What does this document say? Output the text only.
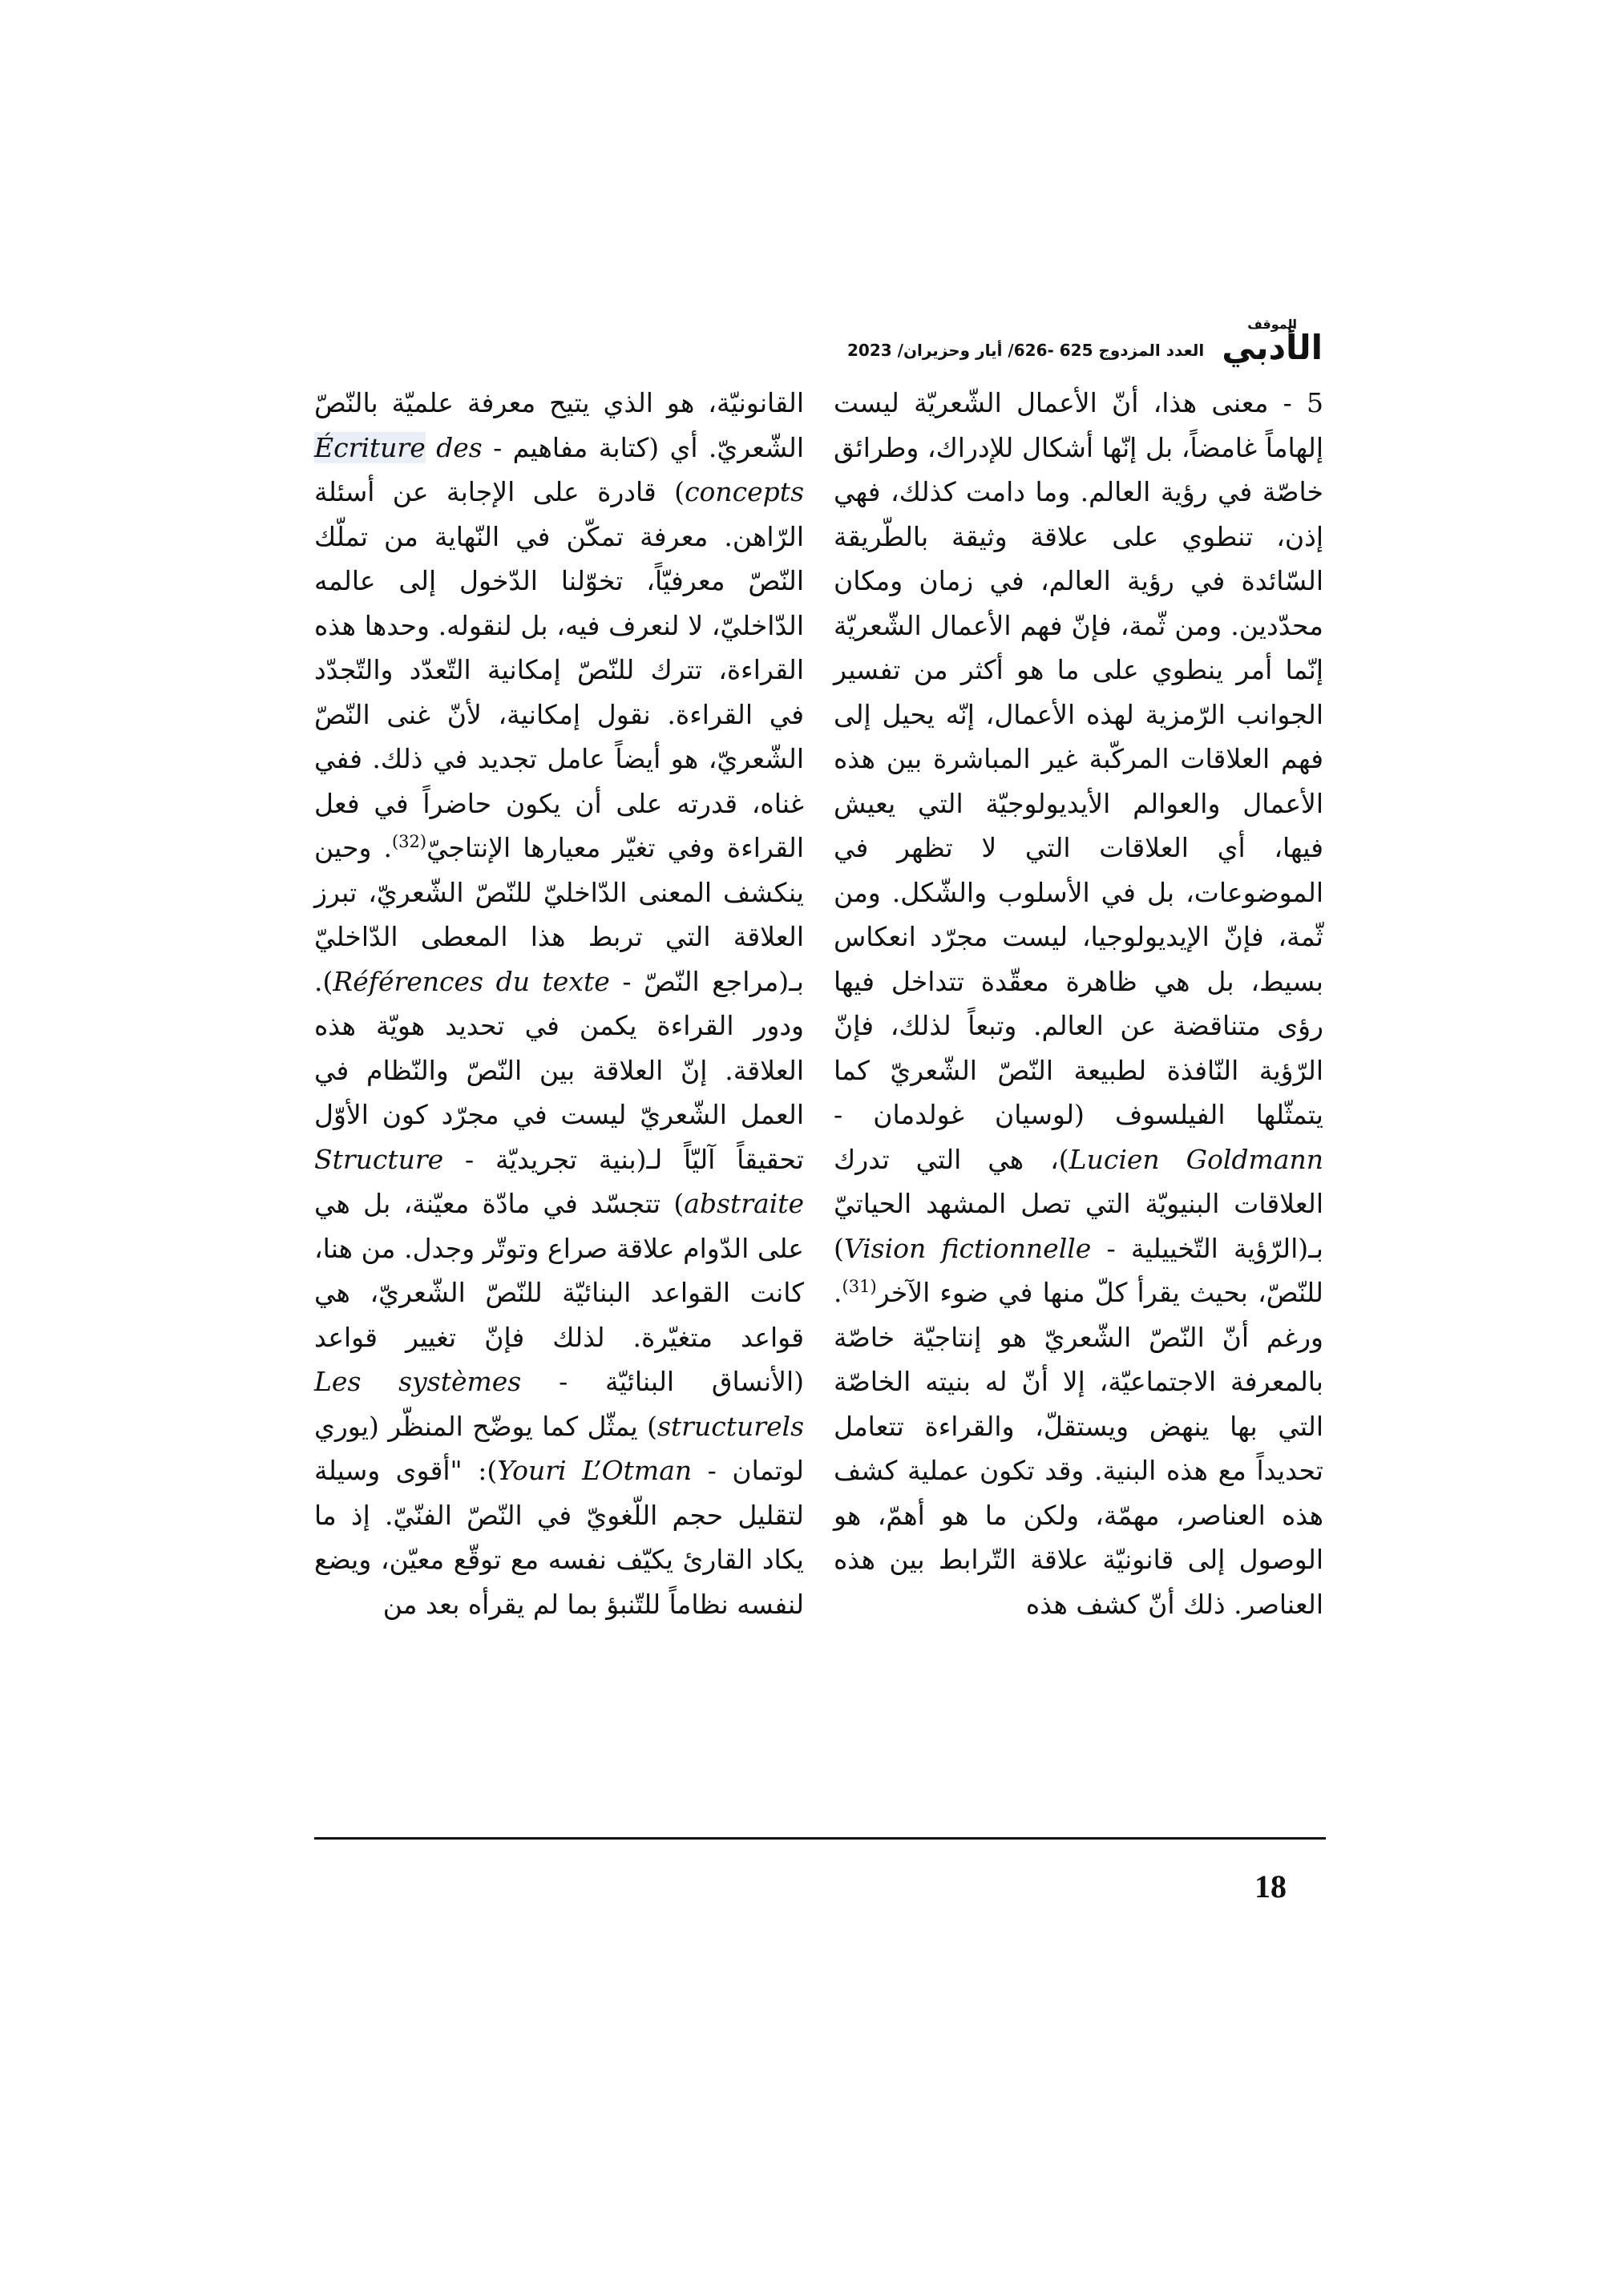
الموقف
الأدبي
العدد المزدوج 625 -626/ أيار وحزيران/ 2023

5 - معنى هذا، أنّ الأعمال الشّعريّة ليست إلهاماً غامضاً، بل إنّها أشكال للإدراك، وطرائق خاصّة في رؤية العالم. وما دامت كذلك، فهي إذن، تنطوي على علاقة وثيقة بالطّريقة السّائدة في رؤية العالم، في زمان ومكان محدّدين. ومن ثّمة، فإنّ فهم الأعمال الشّعريّة إنّما أمر ينطوي على ما هو أكثر من تفسير الجوانب الرّمزية لهذه الأعمال، إنّه يحيل إلى فهم العلاقات المركّبة غير المباشرة بين هذه الأعمال والعوالم الأيديولوجيّة التي يعيش فيها، أي العلاقات التي لا تظهر في الموضوعات، بل في الأسلوب والشّكل. ومن ثّمة، فإنّ الإيديولوجيا، ليست مجرّد انعكاس بسيط، بل هي ظاهرة معقّدة تتداخل فيها رؤى متناقضة عن العالم. وتبعاً لذلك، فإنّ الرّؤية النّافذة لطبيعة النّصّ الشّعريّ كما يتمثّلها الفيلسوف (لوسيان غولدمان - Lucien Goldmann)، هي التي تدرك العلاقات البنيويّة التي تصل المشهد الحياتيّ بـ(الرّؤية التّخييلية - Vision fictionnelle) للنّصّ، بحيث يقرأ كلّ منها في ضوء الآخر$^{(31)}$. ورغم أنّ النّصّ الشّعريّ هو إنتاجيّة خاصّة بالمعرفة الاجتماعيّة، إلا أنّ له بنيته الخاصّة التي بها ينهض ويستقلّ، والقراءة تتعامل تحديداً مع هذه البنية. وقد تكون عملية كشف هذه العناصر، مهمّة، ولكن ما هو أهمّ، هو الوصول إلى قانونيّة علاقة التّرابط بين هذه العناصر. ذلك أنّ كشف هذه

القانونيّة، هو الذي يتيح معرفة علميّة بالنّصّ الشّعريّ. أي (كتابة مفاهيم - Écriture des concepts) قادرة على الإجابة عن أسئلة الرّاهن. معرفة تمكّن في النّهاية من تملّك النّصّ معرفيّاً، تخوّلنا الدّخول إلى عالمه الدّاخليّ، لا لنعرف فيه، بل لنقوله. وحدها هذه القراءة، تترك للنّصّ إمكانية التّعدّد والتّجدّد في القراءة. نقول إمكانية، لأنّ غنى النّصّ الشّعريّ، هو أيضاً عامل تجديد في ذلك. ففي غناه، قدرته على أن يكون حاضراً في فعل القراءة وفي تغيّر معيارها الإنتاجيّ$^{(32)}$. وحين ينكشف المعنى الدّاخليّ للنّصّ الشّعريّ، تبرز العلاقة التي تربط هذا المعطى الدّاخليّ بـ(مراجع النّصّ - Références du texte). ودور القراءة يكمن في تحديد هويّة هذه العلاقة. إنّ العلاقة بين النّصّ والنّظام في العمل الشّعريّ ليست في مجرّد كون الأوّل تحقيقاً آليّاً لـ(بنية تجريديّة - Structure abstraite) تتجسّد في مادّة معيّنة، بل هي على الدّوام علاقة صراع وتوتّر وجدل. من هنا، كانت القواعد البنائيّة للنّصّ الشّعريّ، هي قواعد متغيّرة. لذلك فإنّ تغيير قواعد (الأنساق البنائيّة - Les systèmes structurels) يمثّل كما يوضّح المنظّر (يوري لوتمان - Youri L’Otman): "أقوى وسيلة لتقليل حجم اللّغويّ في النّصّ الفنّيّ. إذ ما يكاد القارئ يكيّف نفسه مع توقّع معيّن، ويضع لنفسه نظاماً للتّنبؤ بما لم يقرأه بعد من

18
